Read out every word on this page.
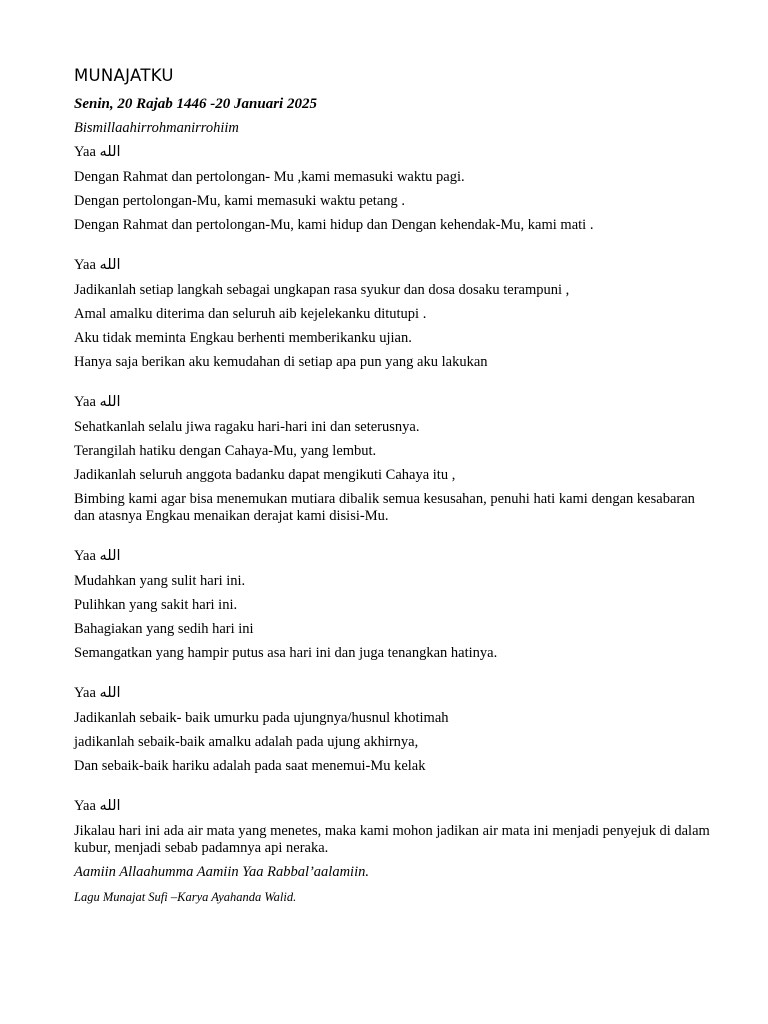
MUNAJATKU
Senin, 20 Rajab 1446 -20 Januari 2025
Bismillaahirrohmanirrohiim
Yaa الله
Dengan Rahmat dan pertolongan- Mu ,kami memasuki waktu pagi.
Dengan pertolongan-Mu, kami memasuki waktu petang .
Dengan Rahmat dan pertolongan-Mu, kami hidup dan Dengan kehendak-Mu, kami mati .
Yaa الله
Jadikanlah setiap langkah sebagai ungkapan rasa syukur dan dosa dosaku terampuni ,
Amal amalku diterima dan seluruh aib kejelekanku ditutupi .
Aku tidak meminta Engkau berhenti memberikanku ujian.
Hanya saja berikan aku kemudahan di setiap apa pun yang aku lakukan
Yaa الله
Sehatkanlah selalu jiwa ragaku hari-hari ini dan seterusnya.
Terangilah hatiku dengan Cahaya-Mu, yang lembut.
Jadikanlah seluruh anggota badanku dapat mengikuti Cahaya itu ,
Bimbing kami agar bisa menemukan mutiara dibalik semua kesusahan, penuhi hati kami dengan kesabaran dan atasnya Engkau menaikan derajat kami disisi-Mu.
Yaa الله
Mudahkan yang sulit hari ini.
Pulihkan yang sakit hari ini.
Bahagiakan yang sedih hari ini
Semangatkan yang hampir putus asa hari ini dan juga tenangkan hatinya.
Yaa الله
Jadikanlah sebaik- baik umurku pada ujungnya/husnul khotimah
jadikanlah sebaik-baik amalku adalah pada ujung akhirnya,
Dan sebaik-baik hariku adalah pada saat menemui-Mu kelak
Yaa الله
Jikalau hari ini ada air mata yang menetes, maka kami mohon jadikan air mata ini menjadi penyejuk di dalam kubur, menjadi sebab padamnya api neraka.
Aamiin Allaahumma Aamiin Yaa Rabbal’aalamiin.
Lagu Munajat Sufi –Karya Ayahanda Walid.
